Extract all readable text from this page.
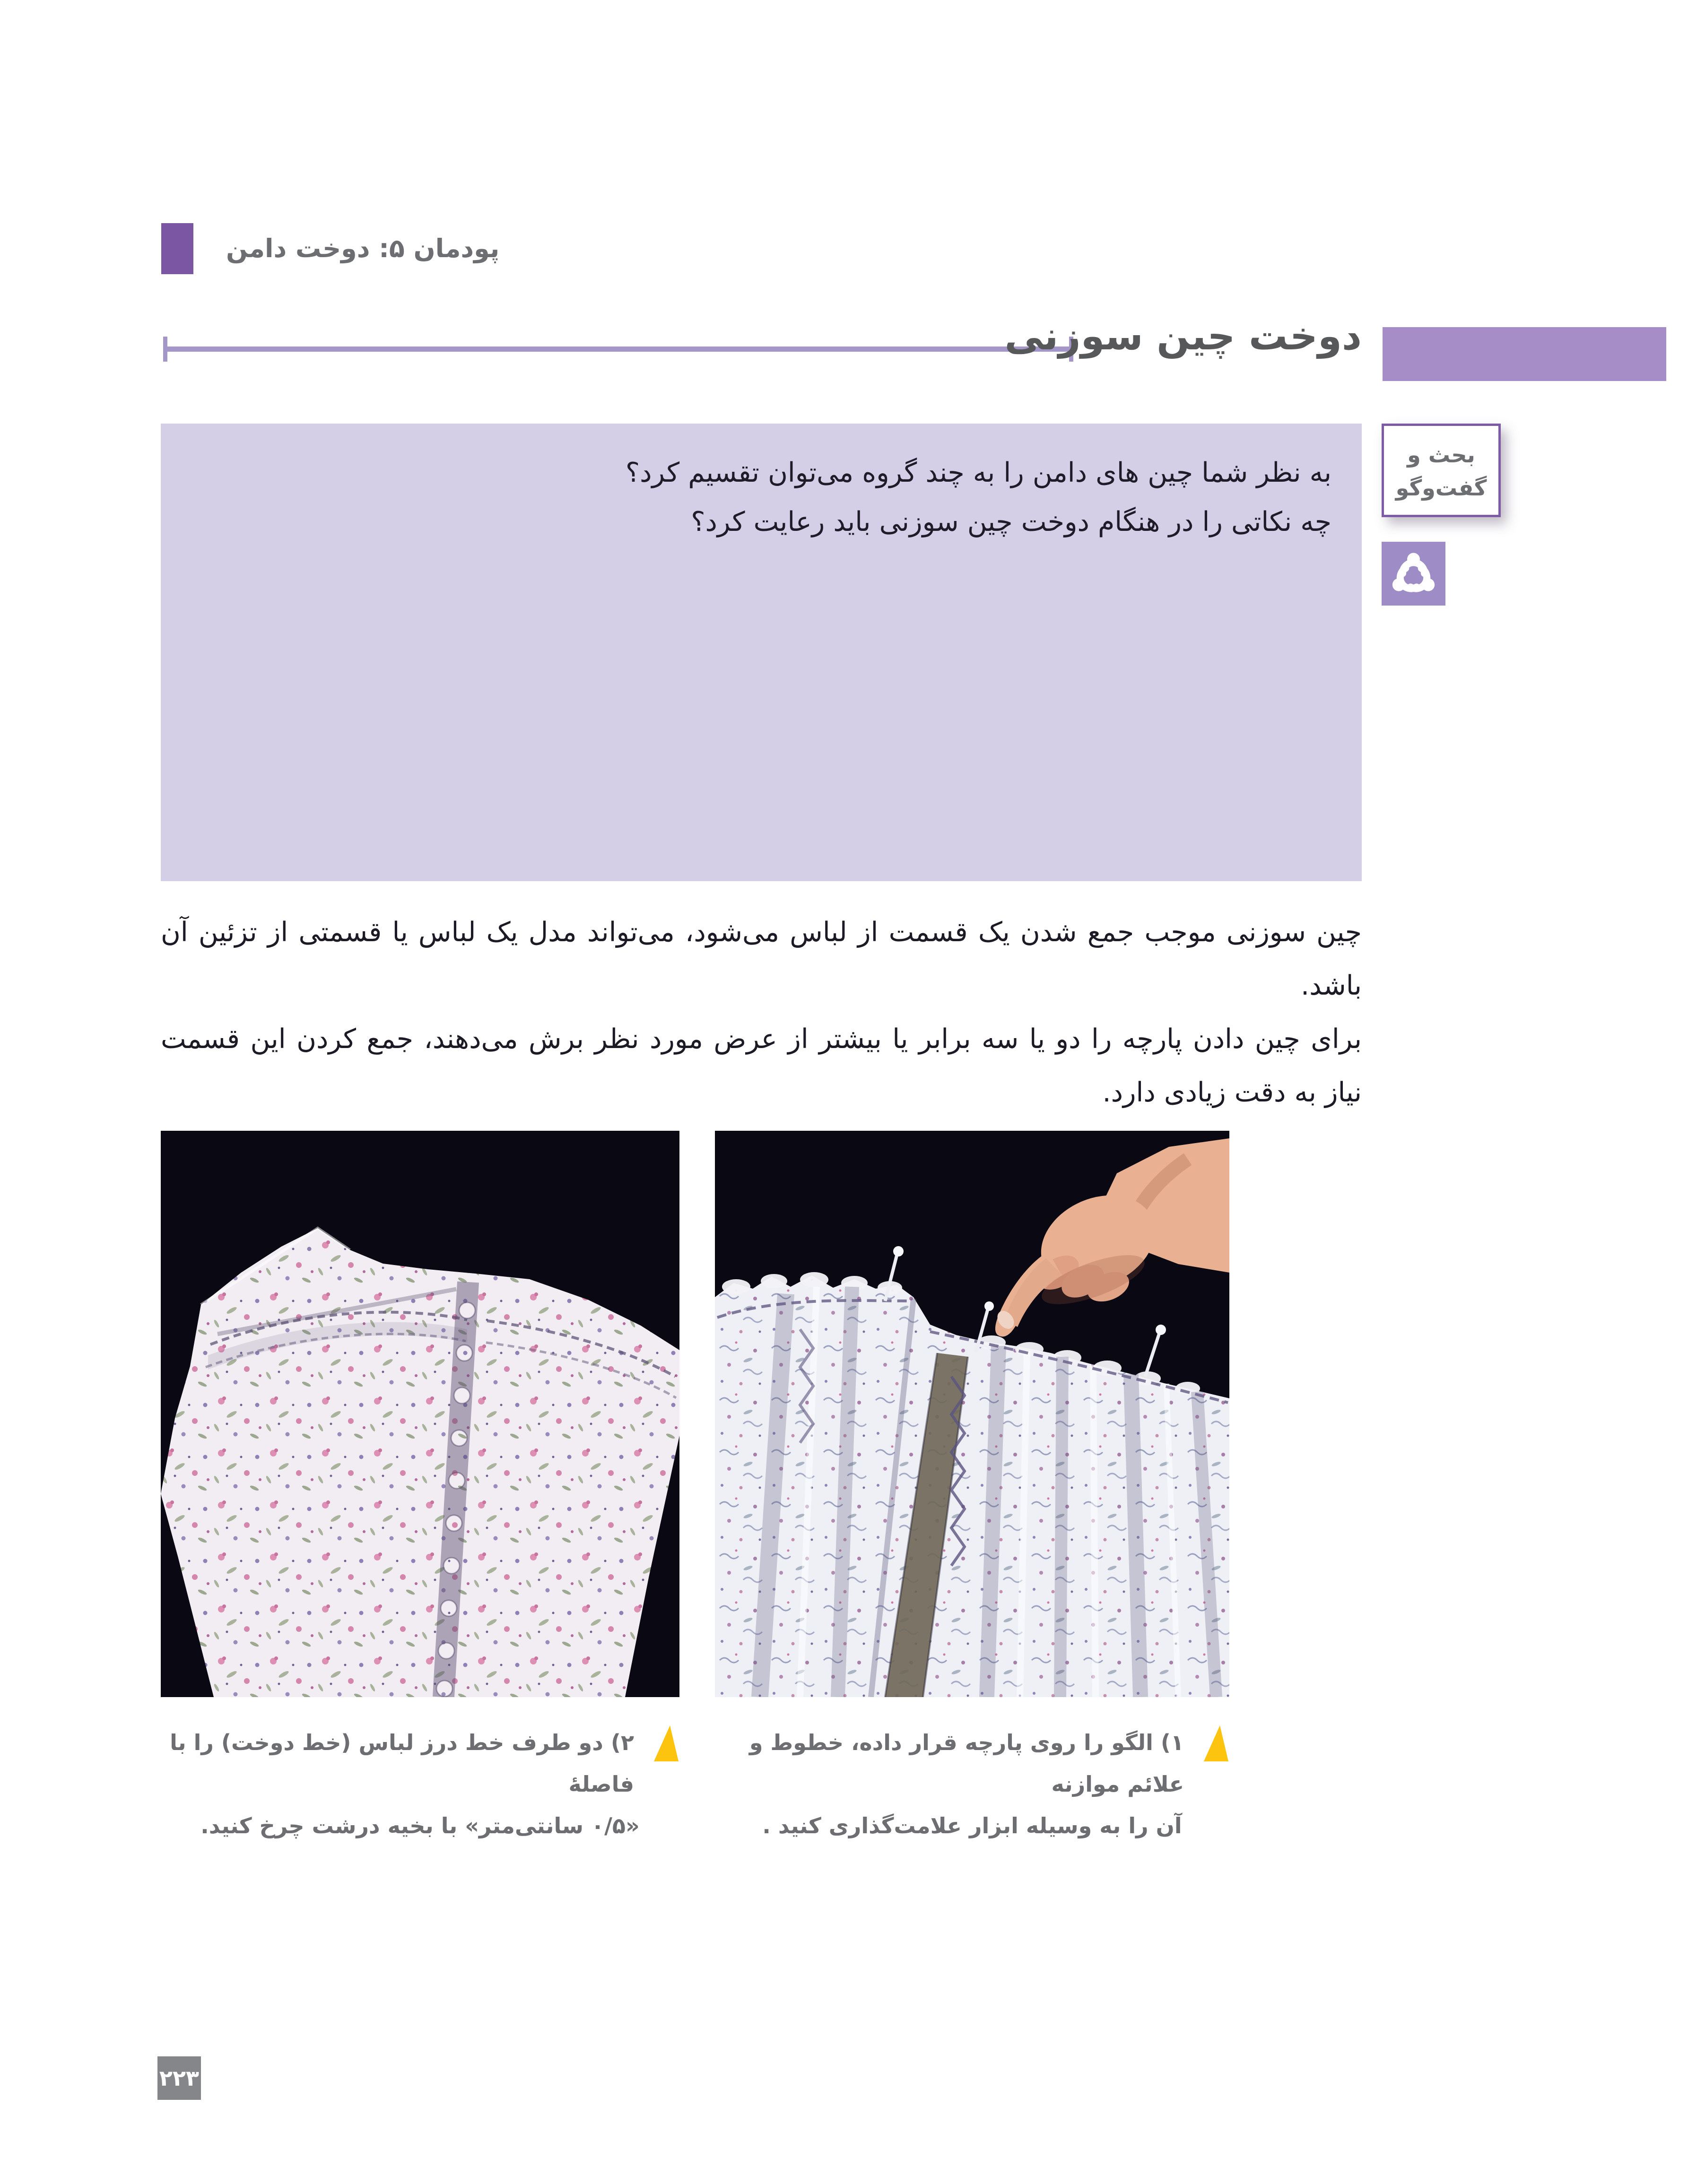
پودمان ۵: دوخت دامن
دوخت چین سوزنی
به نظر شما چین های دامن را به چند گروه می‌توان تقسیم کرد؟
چه نکاتی را در هنگام دوخت چین سوزنی باید رعایت کرد؟
بحث و
گفت‌وگو
چین سوزنی موجب جمع شدن یک قسمت از لباس می‌شود، می‌تواند مدل یک لباس یا قسمتی از تزئین آن
باشد.
برای چین دادن پارچه را دو یا سه برابر یا بیشتر از عرض مورد نظر برش می‌دهند، جمع کردن این قسمت
نیاز به دقت زیادی دارد.
۱) الگو را روی پارچه قرار داده، خطوط و علائم موازنه
آن را به وسیله ابزار علامت‌گذاری کنید .
۲) دو طرف خط درز لباس (خط دوخت) را با فاصلۀ
«۰/۵ سانتی‌متر» با بخیه درشت چرخ کنید.
۲۲۳
